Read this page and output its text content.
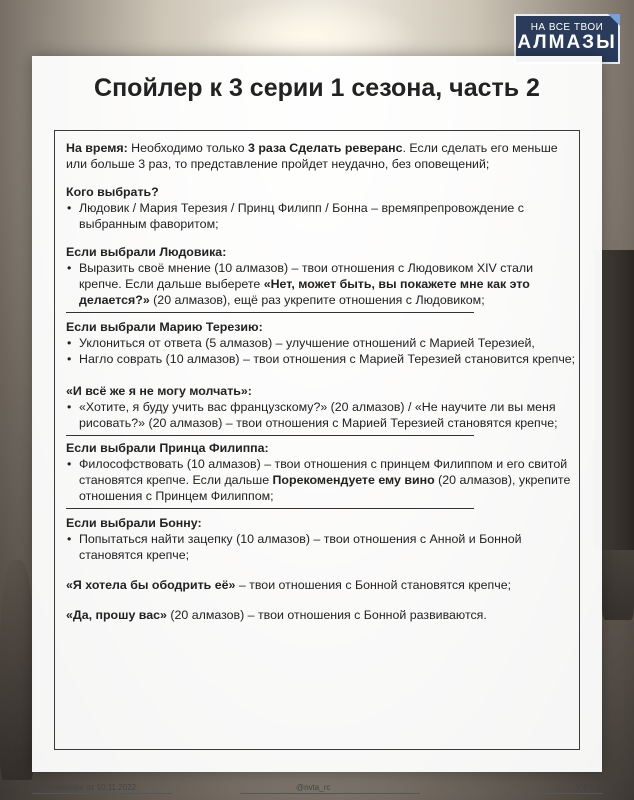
НА ВСЕ ТВОИ
АЛМАЗЫ
Спойлер к 3 серии 1 сезона, часть 2

На время: Необходимо только 3 раза Сделать реверанс. Если сделать его меньше или больше 3 раз, то представление пройдет неудачно, без оповещений;

Кого выбрать?

• Людовик / Мария Терезия / Принц Филипп / Бонна – времяпрепровождение с выбранным фаворитом;

Если выбрали Людовика:

• Выразить своё мнение (10 алмазов) – твои отношения с Людовиком XIV стали крепче. Если дальше выберете «Нет, может быть, вы покажете мне как это делается?» (20 алмазов), ещё раз укрепите отношения с Людовиком;

Если выбрали Марию Терезию:

• Уклониться от ответа (5 алмазов) – улучшение отношений с Марией Терезией,
• Нагло соврать (10 алмазов) – твои отношения с Марией Терезией становится крепче;

«И всё же я не могу молчать»:

• «Хотите, я буду учить вас французскому?» (20 алмазов) / «Не научите ли вы меня рисовать?» (20 алмазов) – твои отношения с Марией Терезией становятся крепче;

Если выбрали Принца Филиппа:

• Философствовать (10 алмазов) – твои отношения с принцем Филиппом и его свитой становятся крепче. Если дальше Порекомендуете ему вино (20 алмазов), укрепите отношения с Принцем Филиппом;

Если выбрали Бонну:

• Попытаться найти зацепку (10 алмазов) – твои отношения с Анной и Бонной становятся крепче;

«Я хотела бы ободрить её» – твои отношения с Бонной становятся крепче;

«Да, прошу вас» (20 алмазов) – твои отношения с Бонной развиваются.

Обновление от 10.11.2022	@nvta_rc	V 0.1
